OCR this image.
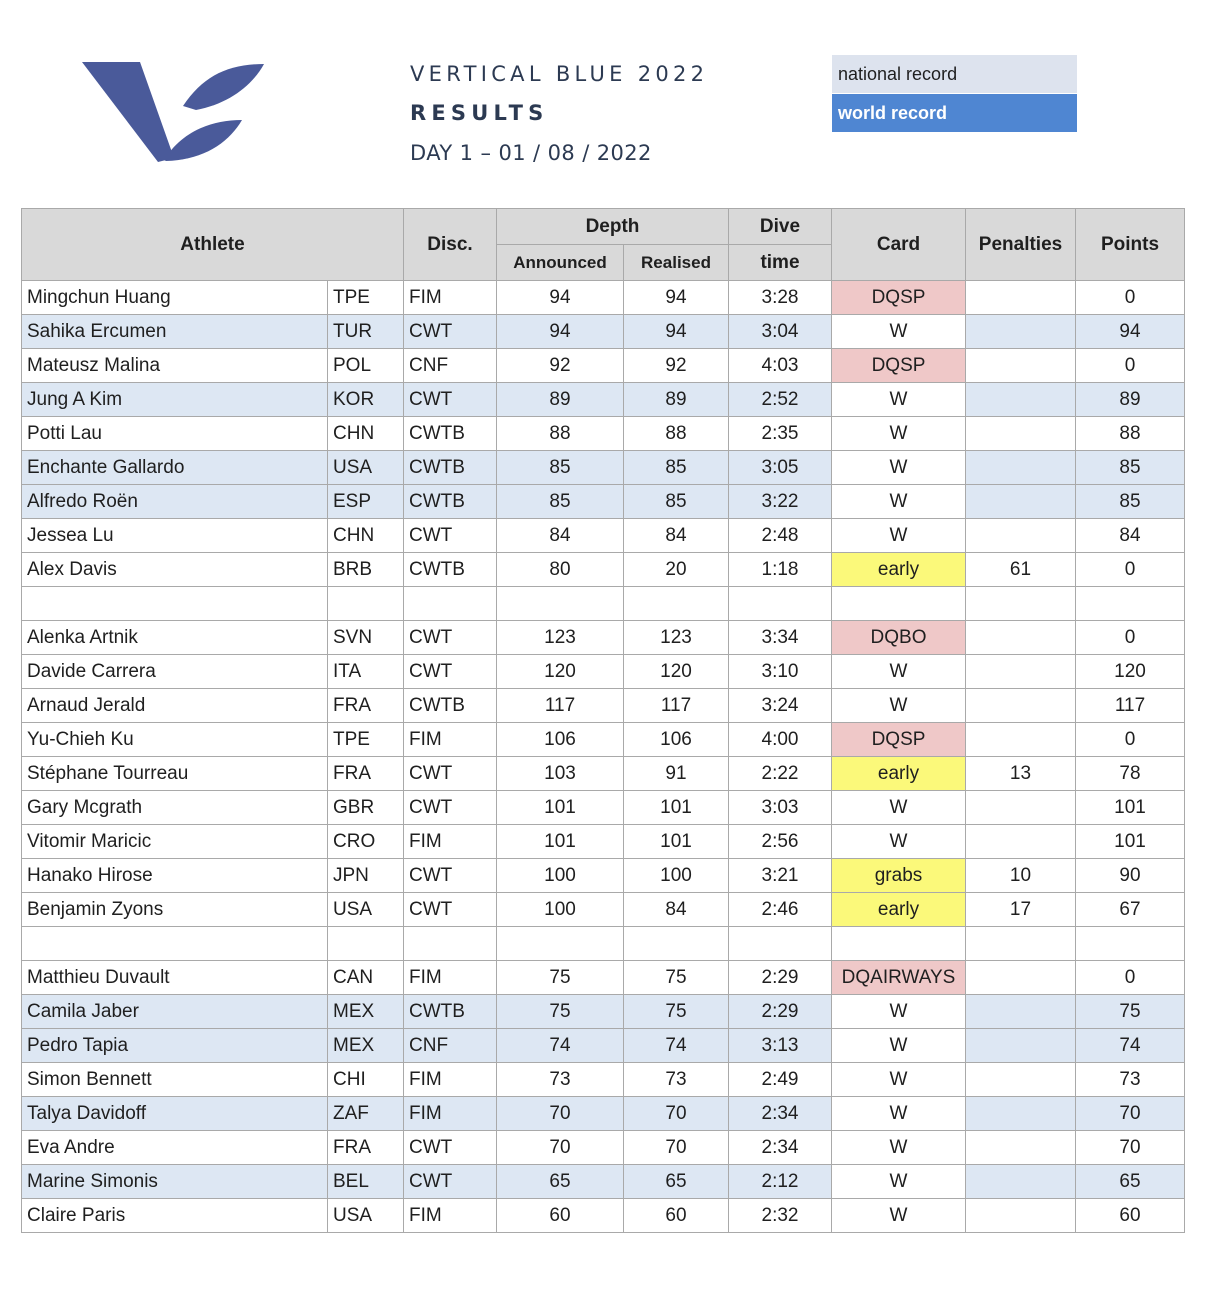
VERTICAL BLUE 2022
RESULTS
DAY 1 – 01 / 08 / 2022
national record
world record
Athlete		Disc.	Depth		Dive	Card	Penalties	Points
			Announced	Realised	time			
Mingchun Huang	TPE	FIM	94	94	3:28	DQSP		0
Sahika Ercumen	TUR	CWT	94	94	3:04	W		94
Mateusz Malina	POL	CNF	92	92	4:03	DQSP		0
Jung A Kim	KOR	CWT	89	89	2:52	W		89
Potti Lau	CHN	CWTB	88	88	2:35	W		88
Enchante Gallardo	USA	CWTB	85	85	3:05	W		85
Alfredo Roën	ESP	CWTB	85	85	3:22	W		85
Jessea Lu	CHN	CWT	84	84	2:48	W		84
Alex Davis	BRB	CWTB	80	20	1:18	early	61	0

Alenka Artnik	SVN	CWT	123	123	3:34	DQBO		0
Davide Carrera	ITA	CWT	120	120	3:10	W		120
Arnaud Jerald	FRA	CWTB	117	117	3:24	W		117
Yu-Chieh Ku	TPE	FIM	106	106	4:00	DQSP		0
Stéphane Tourreau	FRA	CWT	103	91	2:22	early	13	78
Gary Mcgrath	GBR	CWT	101	101	3:03	W		101
Vitomir Maricic	CRO	FIM	101	101	2:56	W		101
Hanako Hirose	JPN	CWT	100	100	3:21	grabs	10	90
Benjamin Zyons	USA	CWT	100	84	2:46	early	17	67

Matthieu Duvault	CAN	FIM	75	75	2:29	DQAIRWAYS		0
Camila Jaber	MEX	CWTB	75	75	2:29	W		75
Pedro Tapia	MEX	CNF	74	74	3:13	W		74
Simon Bennett	CHI	FIM	73	73	2:49	W		73
Talya Davidoff	ZAF	FIM	70	70	2:34	W		70
Eva Andre	FRA	CWT	70	70	2:34	W		70
Marine Simonis	BEL	CWT	65	65	2:12	W		65
Claire Paris	USA	FIM	60	60	2:32	W		60
